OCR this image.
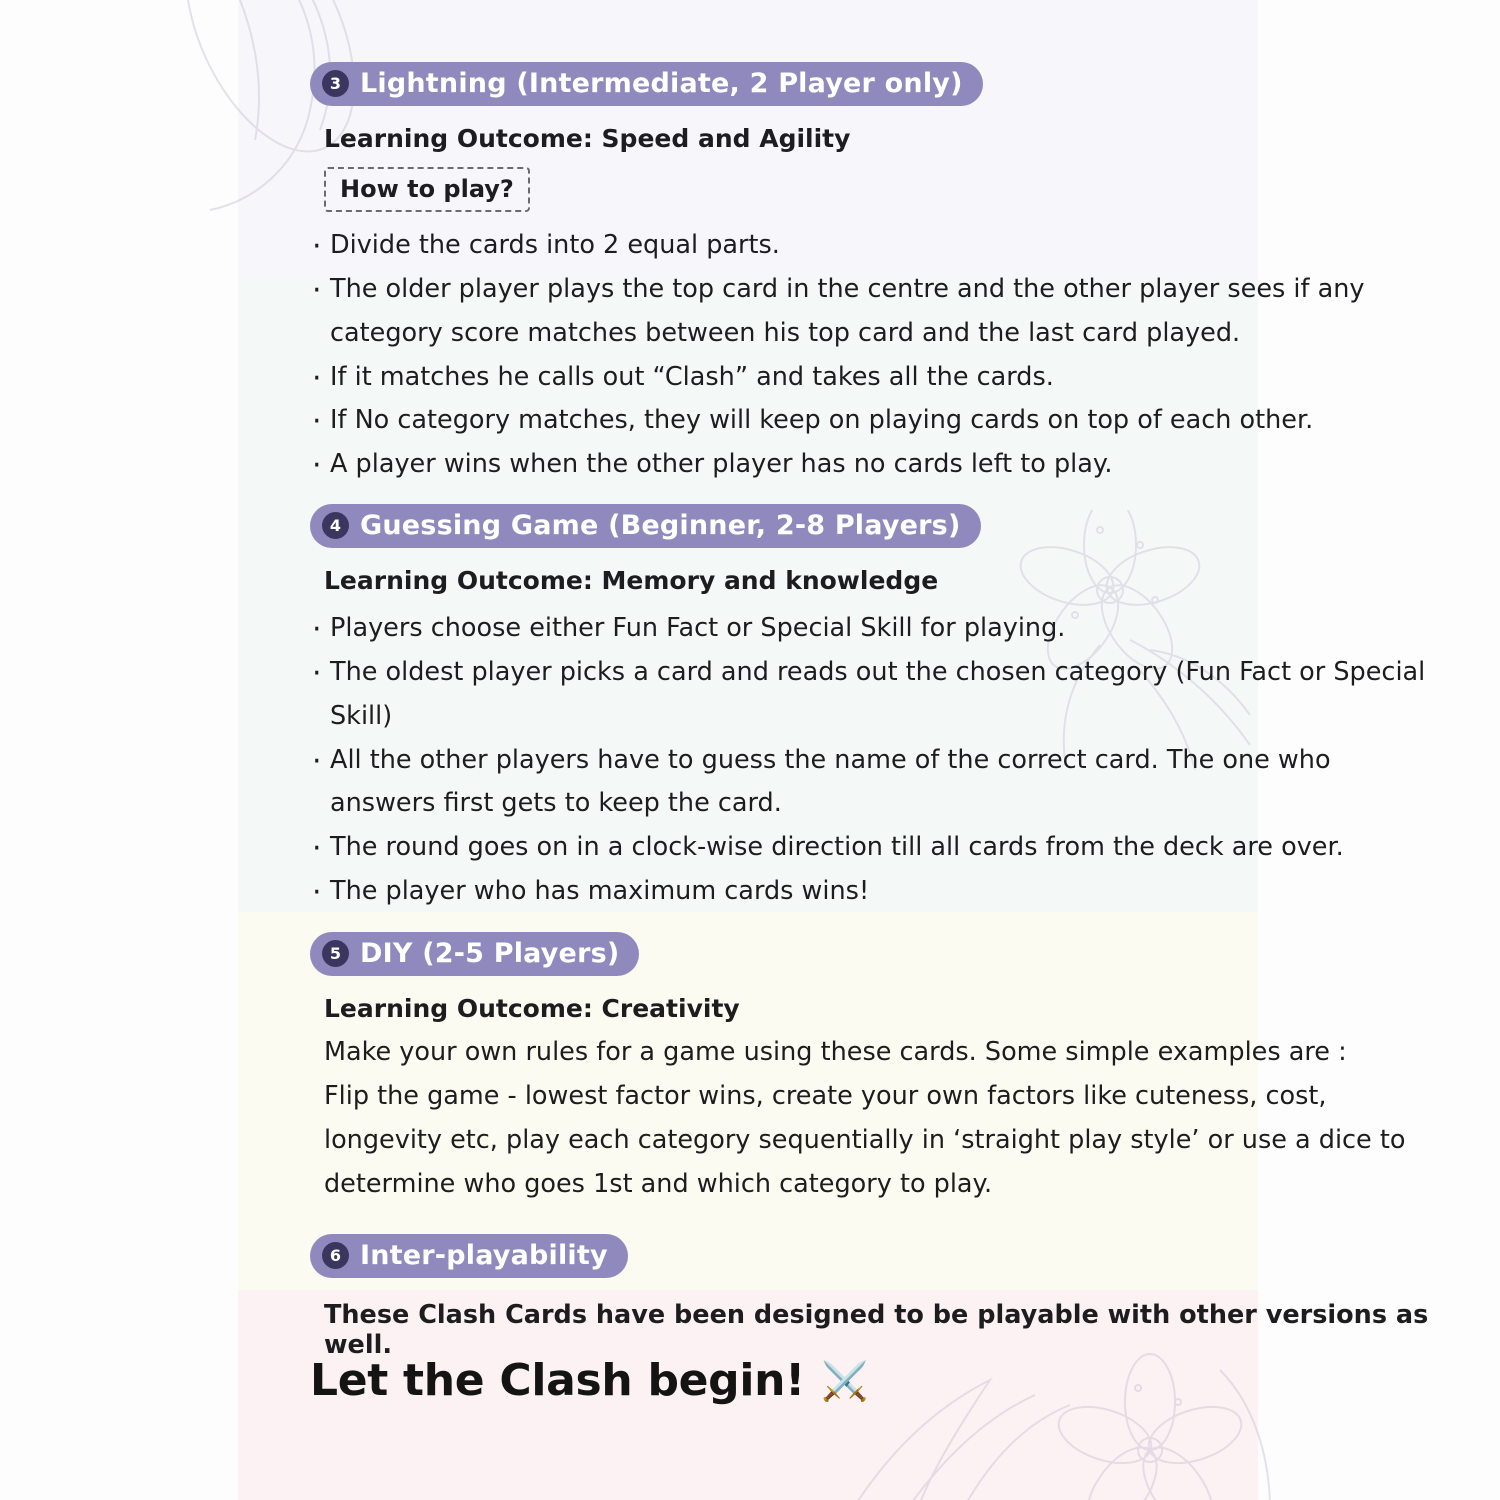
3 Lightning (Intermediate, 2 Player only)
Learning Outcome: Speed and Agility
How to play?
· Divide the cards into 2 equal parts.
· The older player plays the top card in the centre and the other player sees if any category score matches between his top card and the last card played.
· If it matches he calls out “Clash” and takes all the cards.
· If No category matches, they will keep on playing cards on top of each other.
· A player wins when the other player has no cards left to play.
4 Guessing Game (Beginner, 2-8 Players)
Learning Outcome: Memory and knowledge
· Players choose either Fun Fact or Special Skill for playing.
· The oldest player picks a card and reads out the chosen category (Fun Fact or Special Skill)
· All the other players have to guess the name of the correct card. The one who answers first gets to keep the card.
· The round goes on in a clock-wise direction till all cards from the deck are over.
· The player who has maximum cards wins!
5 DIY (2-5 Players)
Learning Outcome: Creativity
Make your own rules for a game using these cards. Some simple examples are :
Flip the game - lowest factor wins, create your own factors like cuteness, cost, longevity etc, play each category sequentially in ‘straight play style’ or use a dice to determine who goes 1st and which category to play.
6 Inter-playability
These Clash Cards have been designed to be playable with other versions as well.
Let the Clash begin! ⚔️
